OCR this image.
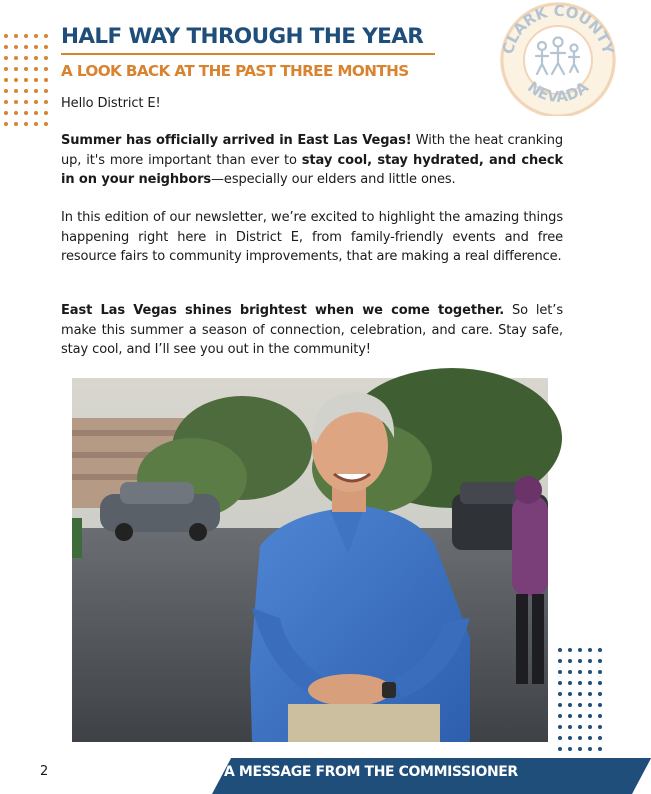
CLARK COUNTY
NEVADA
HALF WAY THROUGH THE YEAR
A LOOK BACK AT THE PAST THREE MONTHS

Hello District E!

Summer has officially arrived in East Las Vegas! With the heat cranking up, it's more important than ever to stay cool, stay hydrated, and check in on your neighbors—especially our elders and little ones.

In this edition of our newsletter, we’re excited to highlight the amazing things happening right here in District E, from family-friendly events and free resource fairs to community improvements, that are making a real difference.

East Las Vegas shines brightest when we come together. So let’s make this summer a season of connection, celebration, and care. Stay safe, stay cool, and I’ll see you out in the community!

2	A MESSAGE FROM THE COMMISSIONER
